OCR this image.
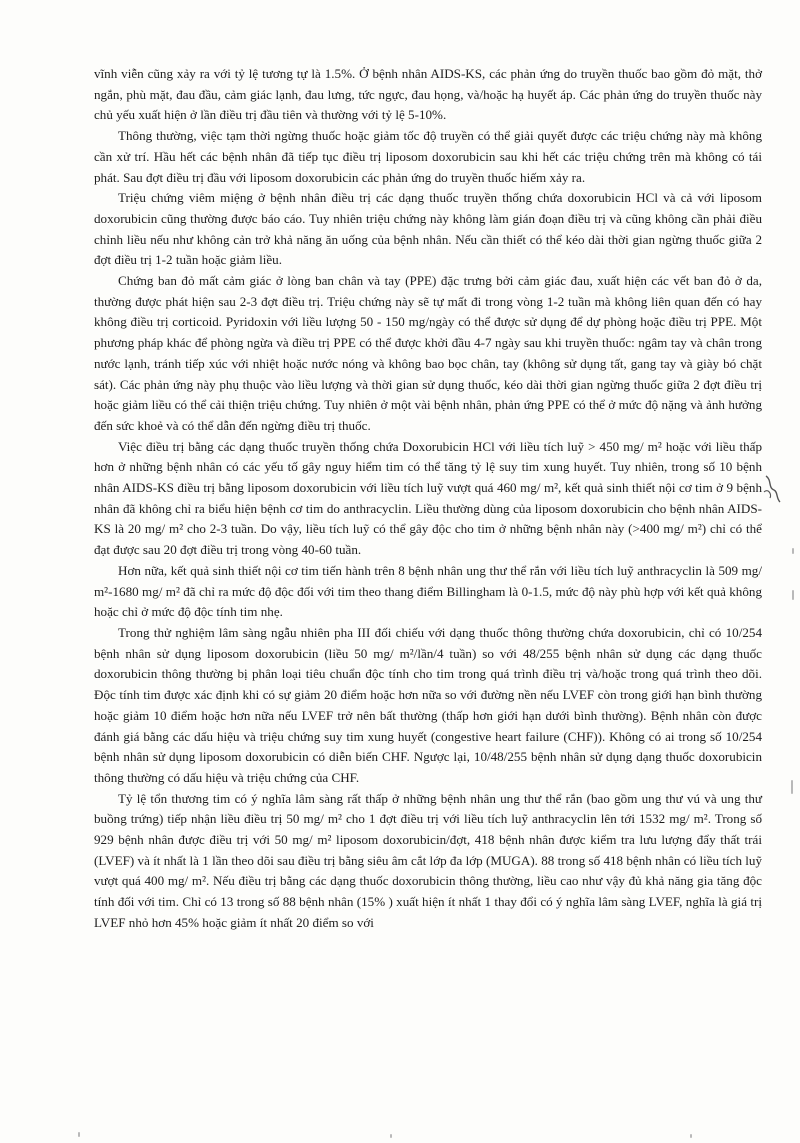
vĩnh viễn cũng xảy ra với tỷ lệ tương tự là 1.5%. Ở bệnh nhân AIDS-KS, các phản ứng do truyền thuốc bao gồm đỏ mặt, thở ngắn, phù mặt, đau đầu, cảm giác lạnh, đau lưng, tức ngực, đau họng, và/hoặc hạ huyết áp. Các phản ứng do truyền thuốc này chủ yếu xuất hiện ở lần điều trị đầu tiên và thường với tỷ lệ 5-10%.

Thông thường, việc tạm thời ngừng thuốc hoặc giảm tốc độ truyền có thể giải quyết được các triệu chứng này mà không cần xử trí. Hầu hết các bệnh nhân đã tiếp tục điều trị liposom doxorubicin sau khi hết các triệu chứng trên mà không có tái phát. Sau đợt điều trị đầu với liposom doxorubicin các phản ứng do truyền thuốc hiếm xảy ra.

Triệu chứng viêm miệng ở bệnh nhân điều trị các dạng thuốc truyền thống chứa doxorubicin HCl và cả với liposom doxorubicin cũng thường được báo cáo. Tuy nhiên triệu chứng này không làm gián đoạn điều trị và cũng không cần phải điều chỉnh liều nếu như không cản trở khả năng ăn uống của bệnh nhân. Nếu cần thiết có thể kéo dài thời gian ngừng thuốc giữa 2 đợt điều trị 1-2 tuần hoặc giảm liều.

Chứng ban đỏ mất cảm giác ở lòng ban chân và tay (PPE) đặc trưng bởi cảm giác đau, xuất hiện các vết ban đỏ ở da, thường được phát hiện sau 2-3 đợt điều trị. Triệu chứng này sẽ tự mất đi trong vòng 1-2 tuần mà không liên quan đến có hay không điều trị corticoid. Pyridoxin với liều lượng 50 - 150 mg/ngày có thể được sử dụng để dự phòng hoặc điều trị PPE. Một phương pháp khác để phòng ngừa và điều trị PPE có thể được khởi đầu 4-7 ngày sau khi truyền thuốc: ngâm tay và chân trong nước lạnh, tránh tiếp xúc với nhiệt hoặc nước nóng và không bao bọc chân, tay (không sử dụng tất, gang tay và giày bó chặt sát). Các phản ứng này phụ thuộc vào liều lượng và thời gian sử dụng thuốc, kéo dài thời gian ngừng thuốc giữa 2 đợt điều trị hoặc giảm liều có thể cải thiện triệu chứng. Tuy nhiên ở một vài bệnh nhân, phản ứng PPE có thể ở mức độ nặng và ảnh hưởng đến sức khoẻ và có thể dẫn đến ngừng điều trị thuốc.

Việc điều trị bằng các dạng thuốc truyền thống chứa Doxorubicin HCl với liều tích luỹ > 450 mg/ m² hoặc với liều thấp hơn ở những bệnh nhân có các yếu tố gây nguy hiểm tim có thể tăng tỷ lệ suy tim xung huyết. Tuy nhiên, trong số 10 bệnh nhân AIDS-KS điều trị bằng liposom doxorubicin với liều tích luỹ vượt quá 460 mg/ m², kết quả sinh thiết nội cơ tim ở 9 bệnh nhân đã không chỉ ra biểu hiện bệnh cơ tim do anthracyclin. Liều thường dùng của liposom doxorubicin cho bệnh nhân AIDS-KS là 20 mg/ m² cho 2-3 tuần. Do vậy, liều tích luỹ có thể gây độc cho tim ở những bệnh nhân này (>400 mg/ m²) chỉ có thể đạt được sau 20 đợt điều trị trong vòng 40-60 tuần.

Hơn nữa, kết quả sinh thiết nội cơ tim tiến hành trên 8 bệnh nhân ung thư thể rắn với liều tích luỹ anthracyclin là 509 mg/ m²-1680 mg/ m² đã chỉ ra mức độ độc đối với tim theo thang điểm Billingham là 0-1.5, mức độ này phù hợp với kết quả không hoặc chỉ ở mức độ độc tính tim nhẹ.

Trong thử nghiệm lâm sàng ngẫu nhiên pha III đối chiếu với dạng thuốc thông thường chứa doxorubicin, chỉ có 10/254 bệnh nhân sử dụng liposom doxorubicin (liều 50 mg/ m²/lần/4 tuần) so với 48/255 bệnh nhân sử dụng các dạng thuốc doxorubicin thông thường bị phân loại tiêu chuẩn độc tính cho tim trong quá trình điều trị và/hoặc trong quá trình theo dõi. Độc tính tim được xác định khi có sự giảm 20 điểm hoặc hơn nữa so với đường nền nếu LVEF còn trong giới hạn bình thường hoặc giảm 10 điểm hoặc hơn nữa nếu LVEF trở nên bất thường (thấp hơn giới hạn dưới bình thường). Bệnh nhân còn được đánh giá bằng các dấu hiệu và triệu chứng suy tim xung huyết (congestive heart failure (CHF)). Không có ai trong số 10/254 bệnh nhân sử dụng liposom doxorubicin có diễn biến CHF. Ngược lại, 10/48/255 bệnh nhân sử dụng dạng thuốc doxorubicin thông thường có dấu hiệu và triệu chứng của CHF.

Tỷ lệ tổn thương tim có ý nghĩa lâm sàng rất thấp ở những bệnh nhân ung thư thể rắn (bao gồm ung thư vú và ung thư buồng trứng) tiếp nhận liều điều trị 50 mg/ m² cho 1 đợt điều trị với liều tích luỹ anthracyclin lên tới 1532 mg/ m². Trong số 929 bệnh nhân được điều trị với 50 mg/ m² liposom doxorubicin/đợt, 418 bệnh nhân được kiểm tra lưu lượng đẩy thất trái (LVEF) và ít nhất là 1 lần theo dõi sau điều trị bằng siêu âm cắt lớp đa lớp (MUGA). 88 trong số 418 bệnh nhân có liều tích luỹ vượt quá 400 mg/ m². Nếu điều trị bằng các dạng thuốc doxorubicin thông thường, liều cao như vậy đủ khả năng gia tăng độc tính đối với tim. Chỉ có 13 trong số 88 bệnh nhân (15% ) xuất hiện ít nhất 1 thay đổi có ý nghĩa lâm sàng LVEF, nghĩa là giá trị LVEF nhỏ hơn 45% hoặc giảm ít nhất 20 điểm so với
